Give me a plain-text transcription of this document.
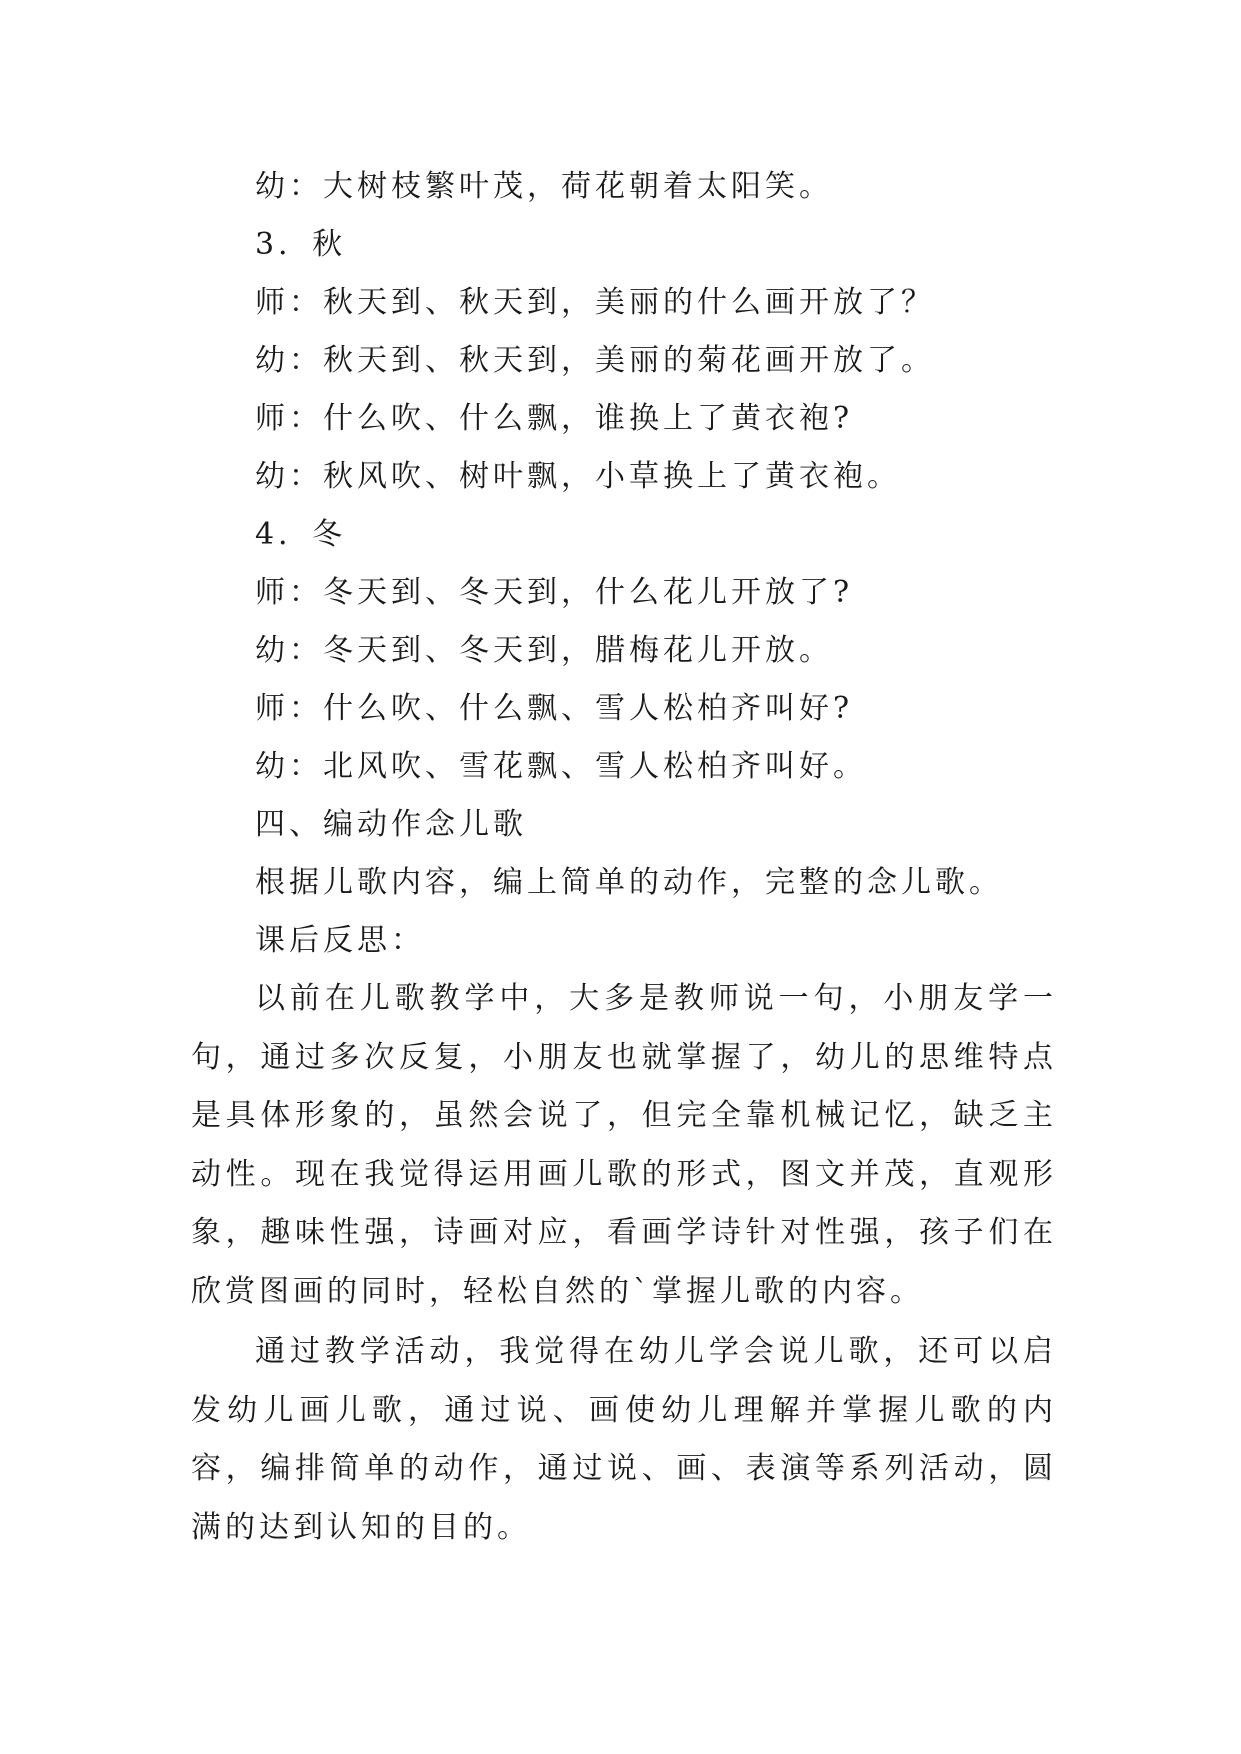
幼：大树枝繁叶茂，荷花朝着太阳笑。
3．秋
师：秋天到、秋天到，美丽的什么画开放了？
幼：秋天到、秋天到，美丽的菊花画开放了。
师：什么吹、什么飘，谁换上了黄衣袍?
幼：秋风吹、树叶飘，小草换上了黄衣袍。
4．冬
师：冬天到、冬天到，什么花儿开放了?
幼：冬天到、冬天到，腊梅花儿开放。
师：什么吹、什么飘、雪人松柏齐叫好?
幼：北风吹、雪花飘、雪人松柏齐叫好。
四、编动作念儿歌
根据儿歌内容，编上简单的动作，完整的念儿歌。
课后反思：

以前在儿歌教学中，大多是教师说一句，小朋友学一句，通过多次反复，小朋友也就掌握了，幼儿的思维特点是具体形象的，虽然会说了，但完全靠机械记忆，缺乏主动性。现在我觉得运用画儿歌的形式，图文并茂，直观形象，趣味性强，诗画对应，看画学诗针对性强，孩子们在欣赏图画的同时，轻松自然的`掌握儿歌的内容。

通过教学活动，我觉得在幼儿学会说儿歌，还可以启发幼儿画儿歌，通过说、画使幼儿理解并掌握儿歌的内容，编排简单的动作，通过说、画、表演等系列活动，圆满的达到认知的目的。
